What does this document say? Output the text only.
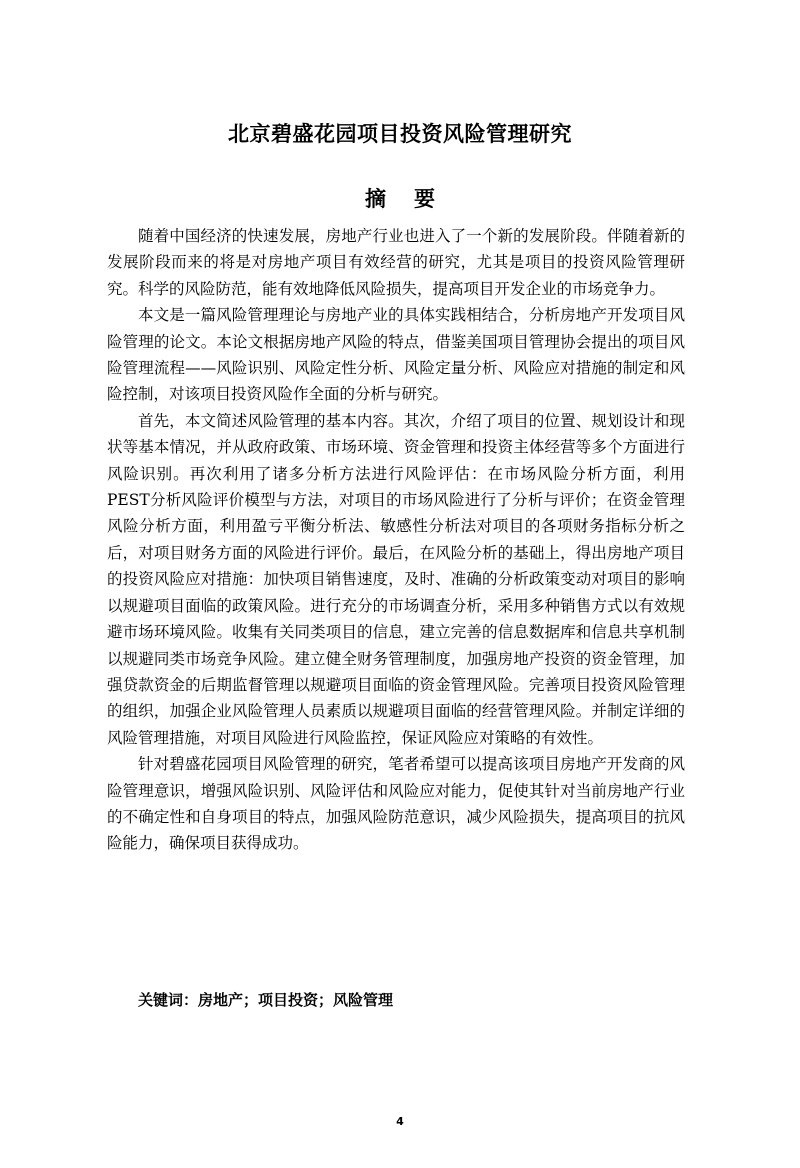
北京碧盛花园项目投资风险管理研究
摘要

随着中国经济的快速发展，房地产行业也进入了一个新的发展阶段。伴随着新的发展阶段而来的将是对房地产项目有效经营的研究，尤其是项目的投资风险管理研究。科学的风险防范，能有效地降低风险损失，提高项目开发企业的市场竞争力。

本文是一篇风险管理理论与房地产业的具体实践相结合，分析房地产开发项目风险管理的论文。本论文根据房地产风险的特点，借鉴美国项目管理协会提出的项目风险管理流程——风险识别、风险定性分析、风险定量分析、风险应对措施的制定和风险控制，对该项目投资风险作全面的分析与研究。

首先，本文简述风险管理的基本内容。其次，介绍了项目的位置、规划设计和现状等基本情况，并从政府政策、市场环境、资金管理和投资主体经营等多个方面进行风险识别。再次利用了诸多分析方法进行风险评估：在市场风险分析方面，利用PEST分析风险评价模型与方法，对项目的市场风险进行了分析与评价；在资金管理风险分析方面，利用盈亏平衡分析法、敏感性分析法对项目的各项财务指标分析之后，对项目财务方面的风险进行评价。最后，在风险分析的基础上，得出房地产项目的投资风险应对措施：加快项目销售速度，及时、准确的分析政策变动对项目的影响以规避项目面临的政策风险。进行充分的市场调查分析，采用多种销售方式以有效规避市场环境风险。收集有关同类项目的信息，建立完善的信息数据库和信息共享机制以规避同类市场竞争风险。建立健全财务管理制度，加强房地产投资的资金管理，加强贷款资金的后期监督管理以规避项目面临的资金管理风险。完善项目投资风险管理的组织，加强企业风险管理人员素质以规避项目面临的经营管理风险。并制定详细的风险管理措施，对项目风险进行风险监控，保证风险应对策略的有效性。

针对碧盛花园项目风险管理的研究，笔者希望可以提高该项目房地产开发商的风险管理意识，增强风险识别、风险评估和风险应对能力，促使其针对当前房地产行业的不确定性和自身项目的特点，加强风险防范意识，减少风险损失，提高项目的抗风险能力，确保项目获得成功。

关键词：房地产；项目投资；风险管理
4
